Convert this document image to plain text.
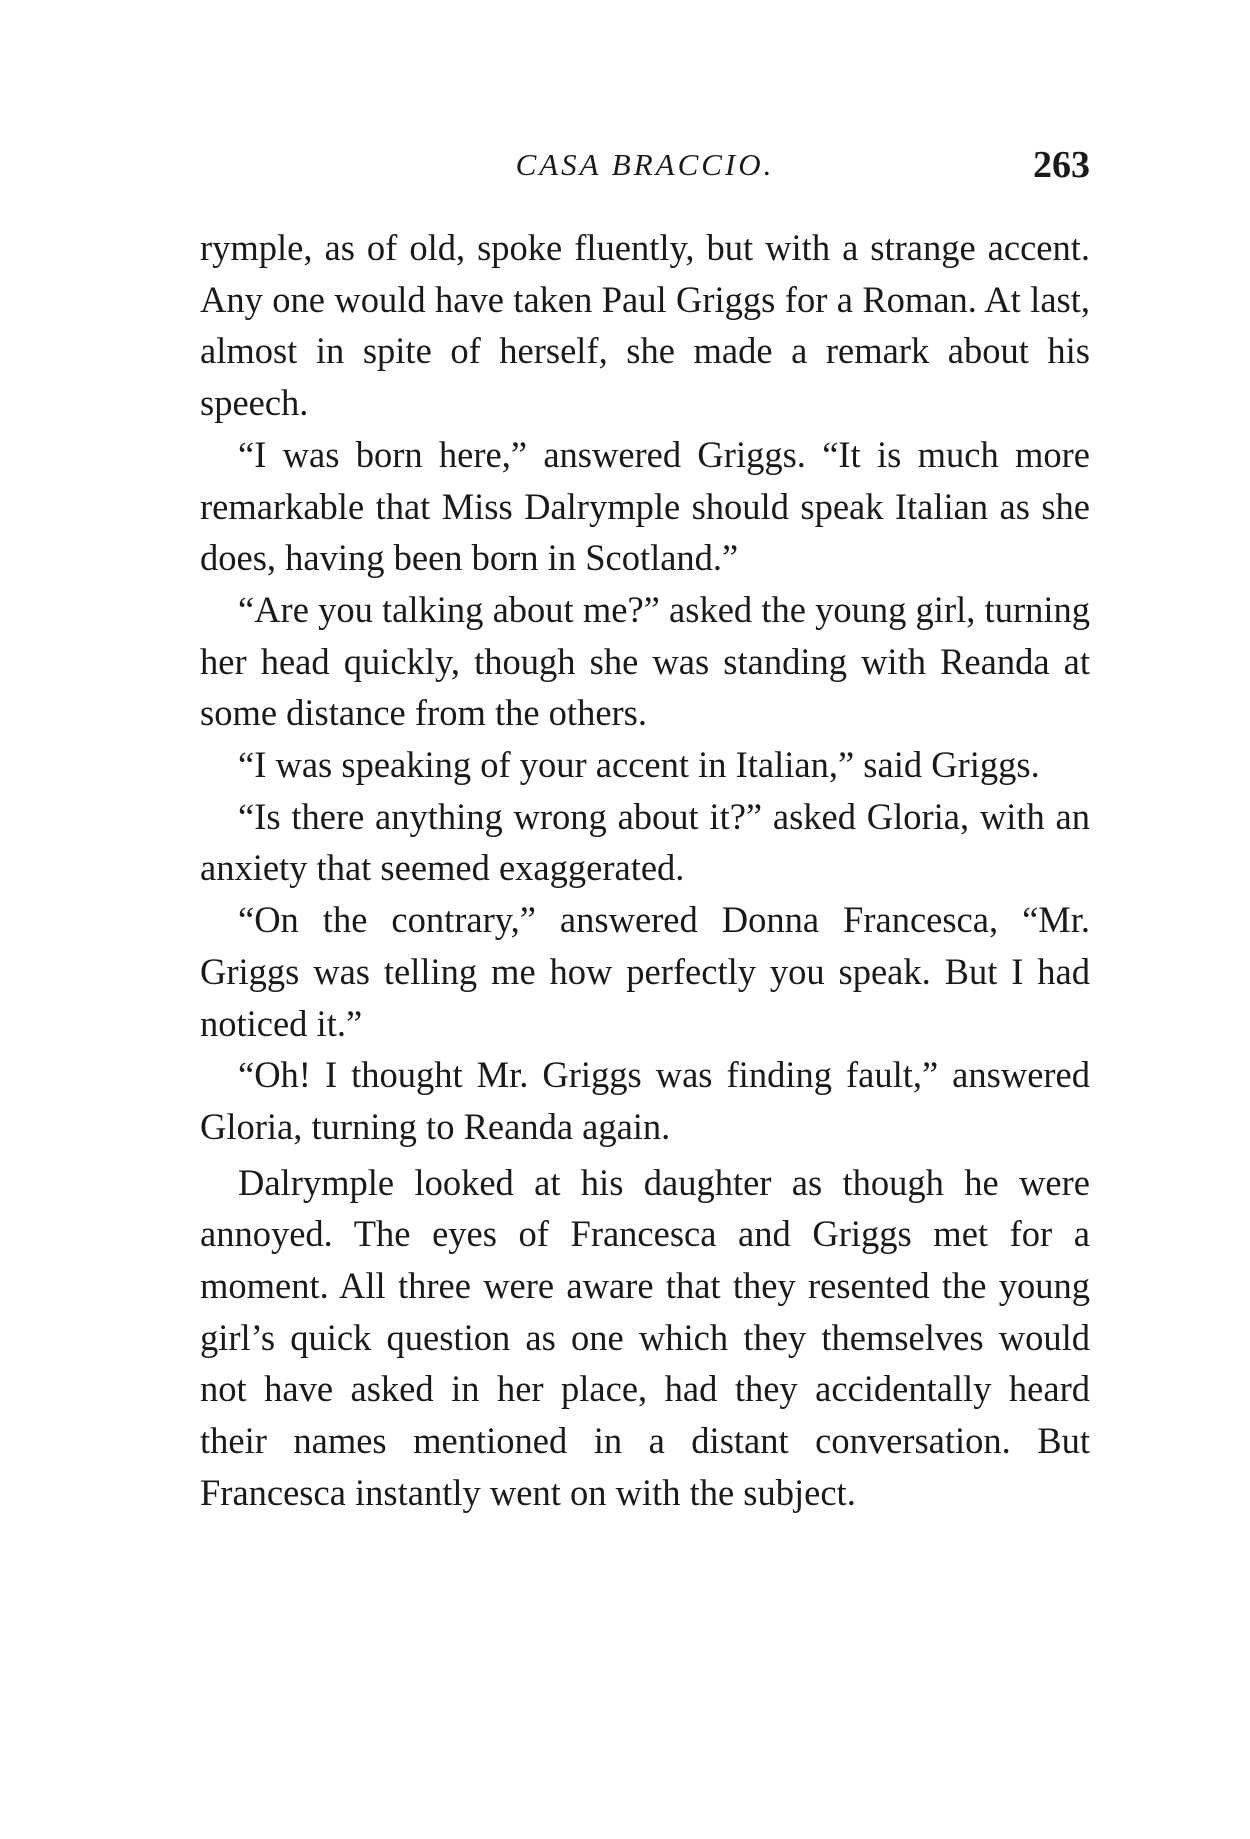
CASA BRACCIO.	263

rymple, as of old, spoke fluently, but with a strange accent. Any one would have taken Paul Griggs for a Roman. At last, almost in spite of herself, she made a remark about his speech.

“I was born here,” answered Griggs. “It is much more remarkable that Miss Dalrymple should speak Italian as she does, having been born in Scotland.”

“Are you talking about me?” asked the young girl, turning her head quickly, though she was standing with Reanda at some distance from the others.

“I was speaking of your accent in Italian,” said Griggs.

“Is there anything wrong about it?” asked Gloria, with an anxiety that seemed exaggerated.

“On the contrary,” answered Donna Francesca, “Mr. Griggs was telling me how perfectly you speak. But I had noticed it.”

“Oh! I thought Mr. Griggs was finding fault,” answered Gloria, turning to Reanda again.

Dalrymple looked at his daughter as though he were annoyed. The eyes of Francesca and Griggs met for a moment. All three were aware that they resented the young girl’s quick question as one which they themselves would not have asked in her place, had they accidentally heard their names mentioned in a distant conversation. But Francesca instantly went on with the subject.
